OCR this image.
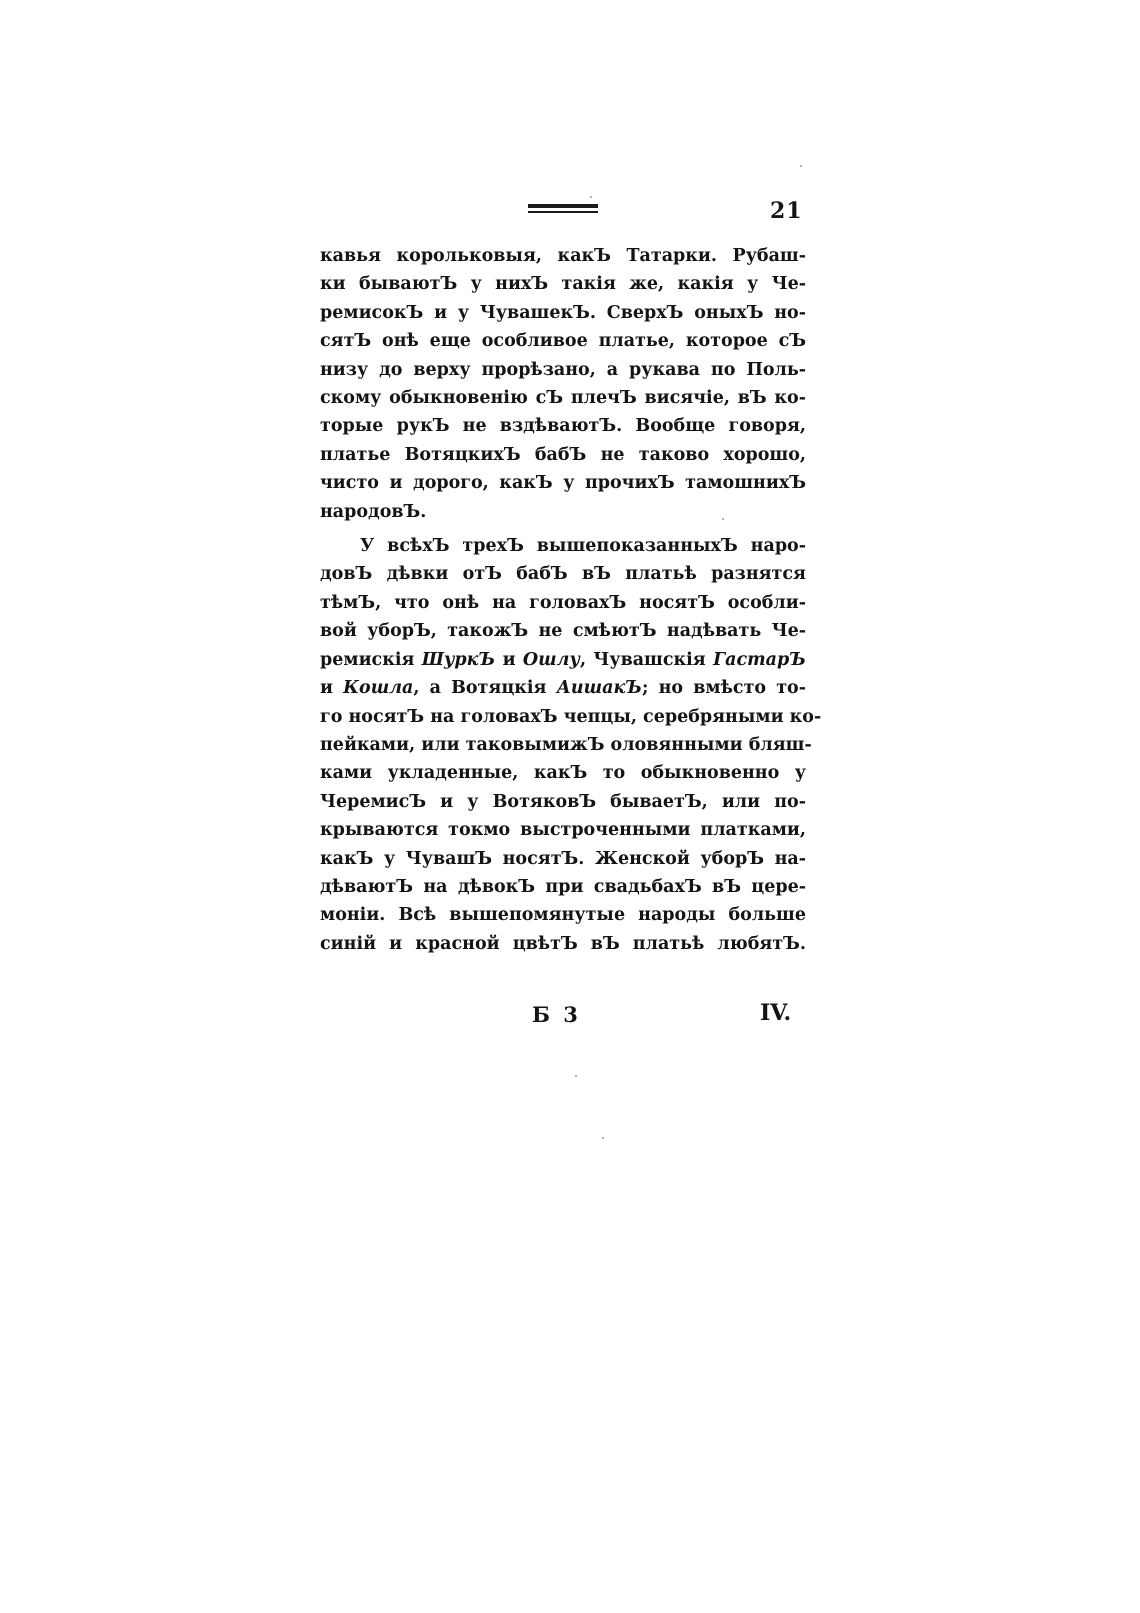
21
кавья корольковыя, какЪ Татарки. Рубаш-
ки бываютЪ у нихЪ такія же, какія у Че-
ремисокЪ и у ЧувашекЪ. СверхЪ оныхЪ но-
сятЪ онѣ еще особливое платье, которое сЪ
низу до верху прорѣзано, а рукава по Поль-
скому обыкновенію сЪ плечЪ висячіе, вЪ ко-
торые рукЪ не вздѣваютЪ. Вообще говоря,
платье ВотяцкихЪ бабЪ не таково хорошо,
чисто и дорого, какЪ у прочихЪ тамошнихЪ
народовЪ.
У всѣхЪ трехЪ вышепоказанныхЪ наро-
довЪ дѣвки отЪ бабЪ вЪ платьѣ разнятся
тѣмЪ, что онѣ на головахЪ носятЪ особли-
вой уборЪ, такожЪ не смѣютЪ надѣвать Че-
ремискія ШуркЪ и Ошлу, Чувашскія ГастарЪ
и Кошла, а Вотяцкія АишакЪ; но вмѣсто то-
го носятЪ на головахЪ чепцы, серебряными ко-
пейками, или таковымижЪ оловянными бляш-
ками укладенные, какЪ то обыкновенно у
ЧеремисЪ и у ВотяковЪ бываетЪ, или по-
крываются токмо выстроченными платками,
какЪ у ЧувашЪ носятЪ. Женской уборЪ на-
дѣваютЪ на дѣвокЪ при свадьбахЪ вЪ цере-
моніи. Всѣ вышепомянутые народы больше
синій и красной цвѣтЪ вЪ платьѣ любятЪ.
Б 3	IV.
